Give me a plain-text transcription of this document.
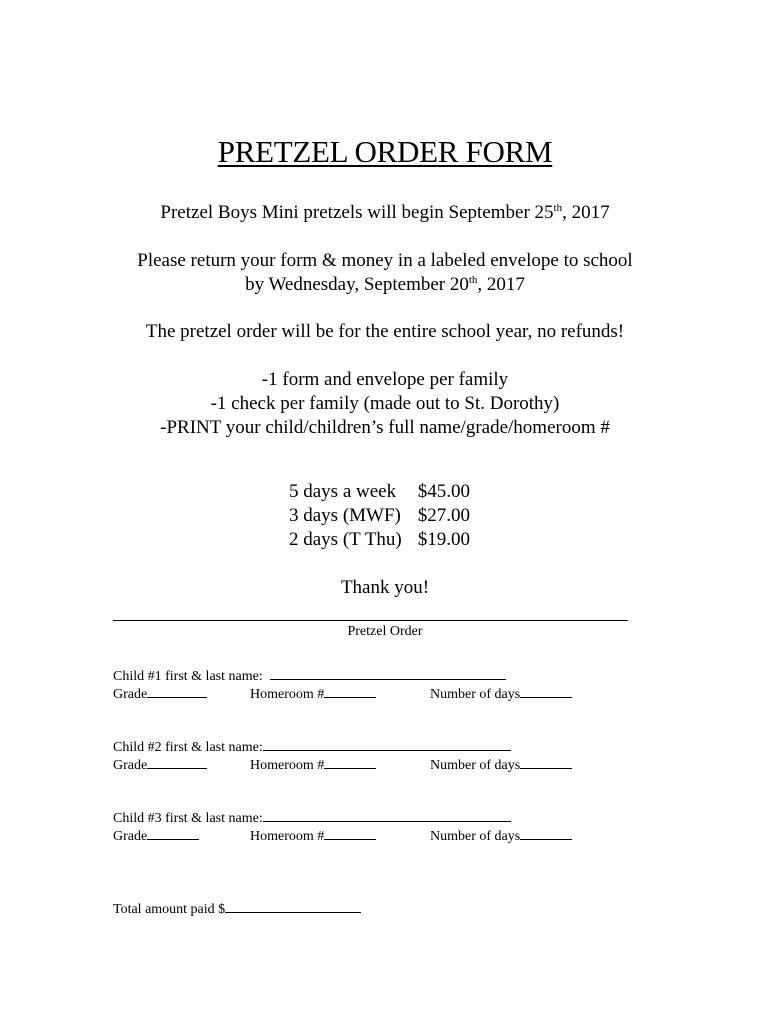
PRETZEL ORDER FORM
Pretzel Boys Mini pretzels will begin September 25th, 2017
Please return your form & money in a labeled envelope to school
by Wednesday, September 20th, 2017
The pretzel order will be for the entire school year, no refunds!
-1 form and envelope per family
-1 check per family (made out to St. Dorothy)
-PRINT your child/children’s full name/grade/homeroom #
5 days a week	$45.00
3 days (MWF)	$27.00
2 days (T Thu)	$19.00
Thank you!
Pretzel Order
Child #1 first & last name:
Grade	Homeroom #	Number of days
Child #2 first & last name:
Grade	Homeroom #	Number of days
Child #3 first & last name:
Grade	Homeroom #	Number of days
Total amount paid $
